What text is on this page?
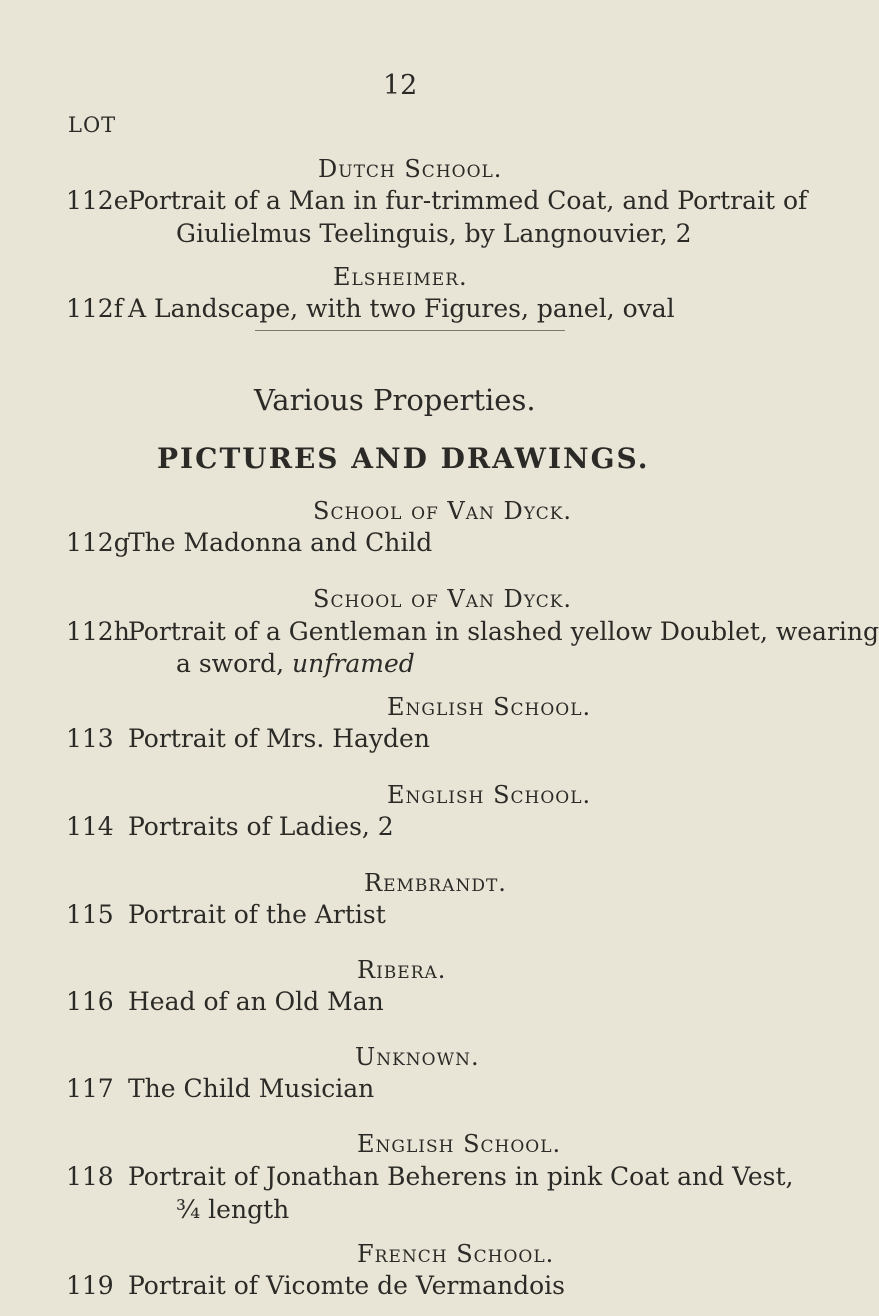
12
LOT
Dutch School.
112e Portrait of a Man in fur-trimmed Coat, and Portrait of
Giulielmus Teelinguis, by Langnouvier, 2
Elsheimer.
112f A Landscape, with two Figures, panel, oval
Various Properties.
PICTURES AND DRAWINGS.
School of Van Dyck.
112g
The Madonna and Child
School of Van Dyck.
112h
Portrait of a Gentleman in slashed yellow Doublet, wearing
a sword, unframed
English School.
113 Portrait of Mrs. Hayden
English School.
114 Portraits of Ladies, 2
Rembrandt.
115 Portrait of the Artist
Ribera.
116 Head of an Old Man
Unknown.
117 The Child Musician
English School.
118 Portrait of Jonathan Beherens in pink Coat and Vest,
¾ length
French School.
119 Portrait of Vicomte de Vermandois
